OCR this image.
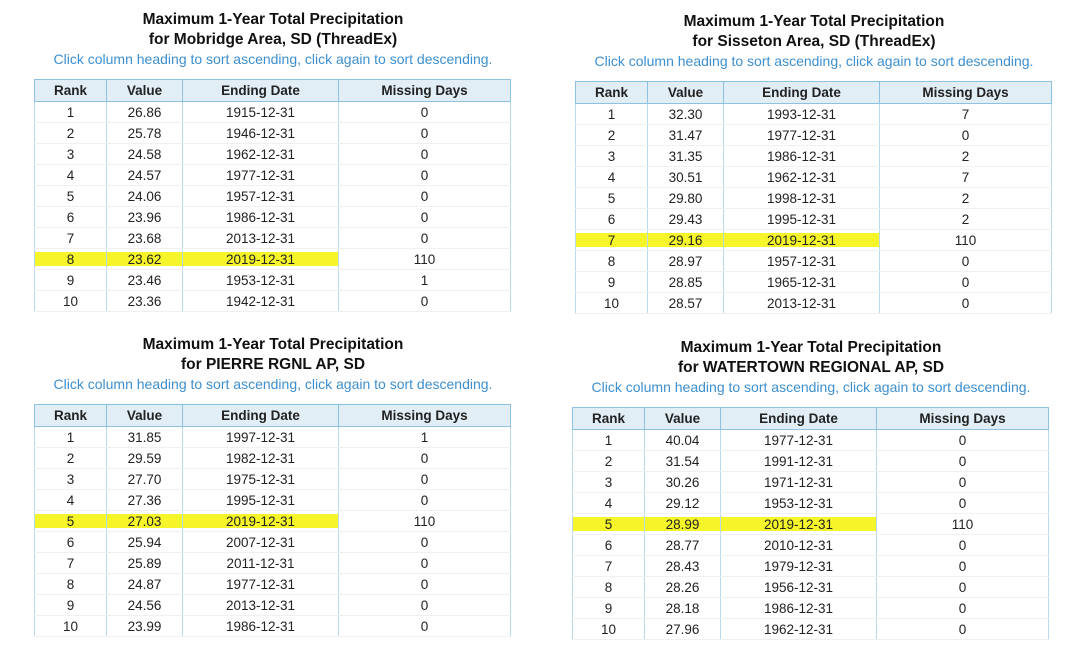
Maximum 1-Year Total Precipitation
for Mobridge Area, SD (ThreadEx)
Click column heading to sort ascending, click again to sort descending.
Rank	Value	Ending Date	Missing Days
1	26.86	1915-12-31	0
2	25.78	1946-12-31	0
3	24.58	1962-12-31	0
4	24.57	1977-12-31	0
5	24.06	1957-12-31	0
6	23.96	1986-12-31	0
7	23.68	2013-12-31	0
8	23.62	2019-12-31	110
9	23.46	1953-12-31	1
10	23.36	1942-12-31	0
Maximum 1-Year Total Precipitation
for Sisseton Area, SD (ThreadEx)
Click column heading to sort ascending, click again to sort descending.
Rank	Value	Ending Date	Missing Days
1	32.30	1993-12-31	7
2	31.47	1977-12-31	0
3	31.35	1986-12-31	2
4	30.51	1962-12-31	7
5	29.80	1998-12-31	2
6	29.43	1995-12-31	2
7	29.16	2019-12-31	110
8	28.97	1957-12-31	0
9	28.85	1965-12-31	0
10	28.57	2013-12-31	0
Maximum 1-Year Total Precipitation
for PIERRE RGNL AP, SD
Click column heading to sort ascending, click again to sort descending.
Rank	Value	Ending Date	Missing Days
1	31.85	1997-12-31	1
2	29.59	1982-12-31	0
3	27.70	1975-12-31	0
4	27.36	1995-12-31	0
5	27.03	2019-12-31	110
6	25.94	2007-12-31	0
7	25.89	2011-12-31	0
8	24.87	1977-12-31	0
9	24.56	2013-12-31	0
10	23.99	1986-12-31	0
Maximum 1-Year Total Precipitation
for WATERTOWN REGIONAL AP, SD
Click column heading to sort ascending, click again to sort descending.
Rank	Value	Ending Date	Missing Days
1	40.04	1977-12-31	0
2	31.54	1991-12-31	0
3	30.26	1971-12-31	0
4	29.12	1953-12-31	0
5	28.99	2019-12-31	110
6	28.77	2010-12-31	0
7	28.43	1979-12-31	0
8	28.26	1956-12-31	0
9	28.18	1986-12-31	0
10	27.96	1962-12-31	0
